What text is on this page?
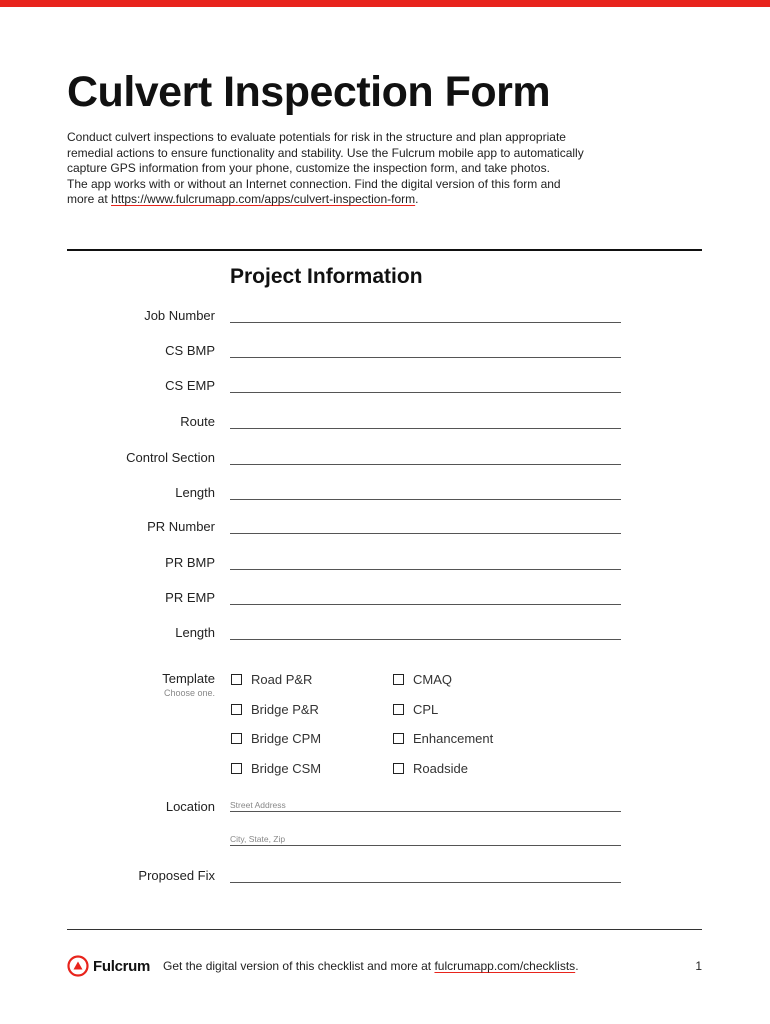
Culvert Inspection Form

Conduct culvert inspections to evaluate potentials for risk in the structure and plan appropriate

remedial actions to ensure functionality and stability. Use the Fulcrum mobile app to automatically

capture GPS information from your phone, customize the inspection form, and take photos.

The app works with or without an Internet connection. Find the digital version of this form and

more at https://www.fulcrumapp.com/apps/culvert-inspection-form.

Project Information
Job Number
CS BMP
CS EMP
Route
Control Section
Length
PR Number
PR BMP
PR EMP
Length
Template
Choose one.
Road P&R
Bridge P&R
Bridge CPM
Bridge CSM
CMAQ
CPL
Enhancement
Roadside
Location Street Address
City, State, Zip
Proposed Fix
Fulcrum Get the digital version of this checklist and more at fulcrumapp.com/checklists.	1
